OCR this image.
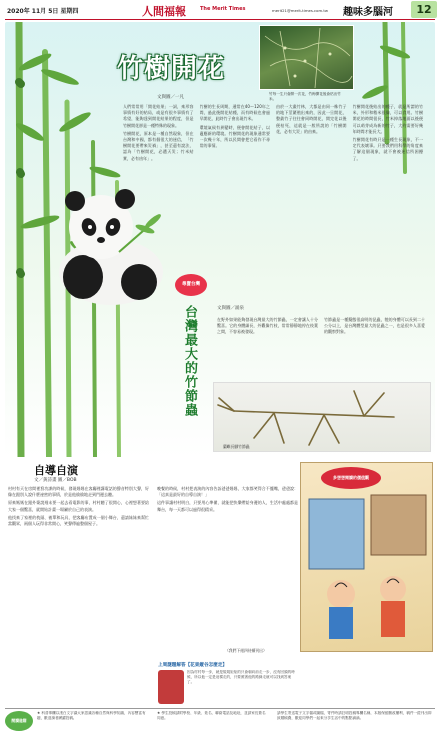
2020年 11月 5日 星期四	人間福報	The Merit Times	merit21@merit-times.com.tw 趣味多腦河	12
竹樹開花
文與圖／一凡
竹每一生只會開一次花，竹梅開花後會枯出竹米。

人們常常用「開花結果」一詞，來形容事情有好的結局，或是有很多事情有了希望，能夠達到開花結果的程度，但是竹樹開花卻是一種特殊的現象。

竹樹開花，原本是一種自然現象，但在台灣和中國，都有個很大的迷信，「竹樹開花要帶來災禍」，甚至還有說法，認為「竹樹開花，必遭天災；竹米結實，必有凶年」。

竹樹的生長周期，通常在40～120年之間，過此後開花結種，而有時候也會過早開花，此時竹子會出現竹米。

環境氣候有異變時，便會開花結子，以適應新的環境。竹樹開花的現象通常要一次幾十年，所以民間會把它看作不尋常的事情。

由於一大叢竹林，大都是由同一株竹子的地下莖繁殖出來的，因此一旦開花，整叢竹子往往會同時開花，開完花以後便枯死，這就是一般所說的「竹樹開花，必有大災」的由來。

竹樹開花後結出的種子，就是所謂的竹米，外形和稻米很像，可以食用。竹樹開花的時間很長，竹米掉落地面以後便可以萌芽成為新的竹子，大約需要好幾年時間才能長大。

竹樹開花有時只是一種生長現象，不一定代表壞事。只要我們用科學的角度來了解這個現象，就不會被迷信所困擾了。

尋寶台灣
台灣最大的竹節蟲	文與圖／涌泉

在野外如果能夠發現台灣最大的竹節蟲，一定會讓人十分驚喜。它的身體細長，外觀像竹枝，常常靜靜地停在枝葉之間，不容易被發現。

竹節蟲是一種擬態很高明的昆蟲，牠的身體可以長到二十公分以上，是台灣體型最大的昆蟲之一，也是很多人喜愛的觀察對象。

蘭嶼長腳竹節蟲
自導自演
文／黃詩畫 圖／BOB

村村有天在房間裡寫功課的時候，發現媽媽在客廳裡講電話的聲音特別大聲，好像在跟別人說什麼祕密的事情，於是他偷偷地走到門邊去聽。

原來媽媽在跟外婆說週末要一起去看電影的事，村村聽了很開心，心裡想著要給大家一個驚喜，就開始計畫一場屬於自己的表演。

他找來了家裡的枕頭、被單和玩具，把客廳布置成一個小舞台，還請妹妹來幫忙當觀眾，兩個人玩得非常開心，笑聲傳遍整個屋子。

晚餐的時候，村村把表演的內容告訴爸爸媽媽，大家都笑得合不攏嘴，爸爸說：「這真是最好的自導自演！」

這件事讓村村明白，只要用心準備，就能把快樂帶給身邊的人，生活中處處都是舞台，每一天都可以過得很精采。

（我們下週四待續刊出）
多想想閱讀的價值觀
上周謎題解答【花東縱谷怎麼走】

因為村村每一步，就是規規矩矩的只會朝向前走一步，沒有回頭的時候，所以他一定是這樣走的，只要照著他的路線走就可以找到答案了。

閱讀進階

★ 科普專欄以淺白文字讓大家認識各種自然與科學知識，內容豐富有趣，歡迎讀者踴躍投稿。

★ 學生投稿請附學校、年級、姓名、聯絡電話及地址，並請家長簽名同意。

請學生寄送電子文字檔或圖檔，寄件時請註明投稿專欄名稱，本版保留刪改權利，稿件一經刊出即致贈稿費，歡迎同學們一起來分享生活中的點點滴滴。
